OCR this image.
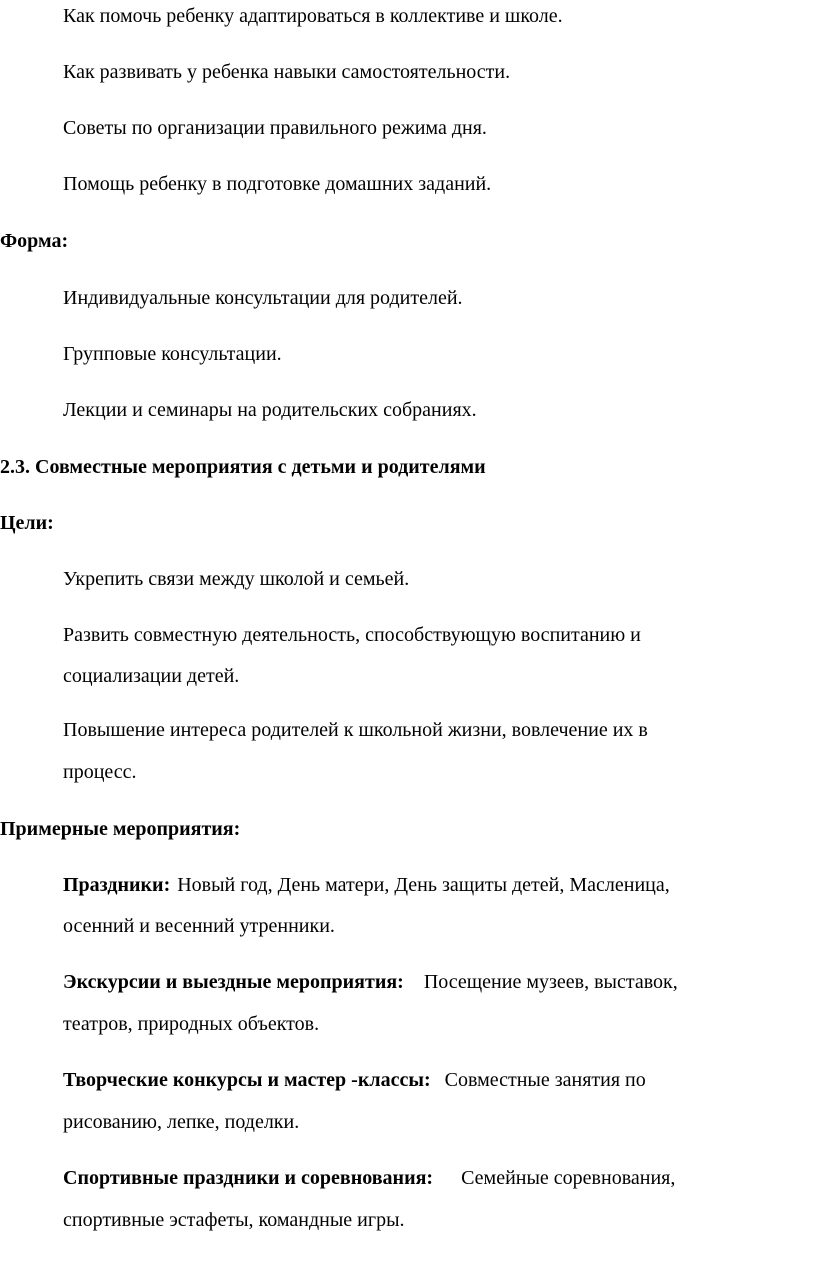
Как помочь ребенку адаптироваться в коллективе и школе.
Как развивать у ребенка навыки самостоятельности.
Советы по организации правильного режима дня.
Помощь ребенку в подготовке домашних заданий.
Форма:
Индивидуальные консультации для родителей.
Групповые консультации.
Лекции и семинары на родительских собраниях.
2.3. Совместные мероприятия с детьми и родителями
Цели:
Укрепить связи между школой и семьей.
Развить совместную деятельность, способствующую воспитанию и
социализации детей.
Повышение интереса родителей к школьной жизни, вовлечение их в
процесс.
Примерные мероприятия:
Праздники: Новый год, День матери, День защиты детей, Масленица,
осенний и весенний утренники.
Экскурсии и выездные мероприятия: Посещение музеев, выставок,
театров, природных объектов.
Творческие конкурсы и мастер -классы: Совместные занятия по
рисованию, лепке, поделки.
Спортивные праздники и соревнования: Семейные соревнования,
спортивные эстафеты, командные игры.
